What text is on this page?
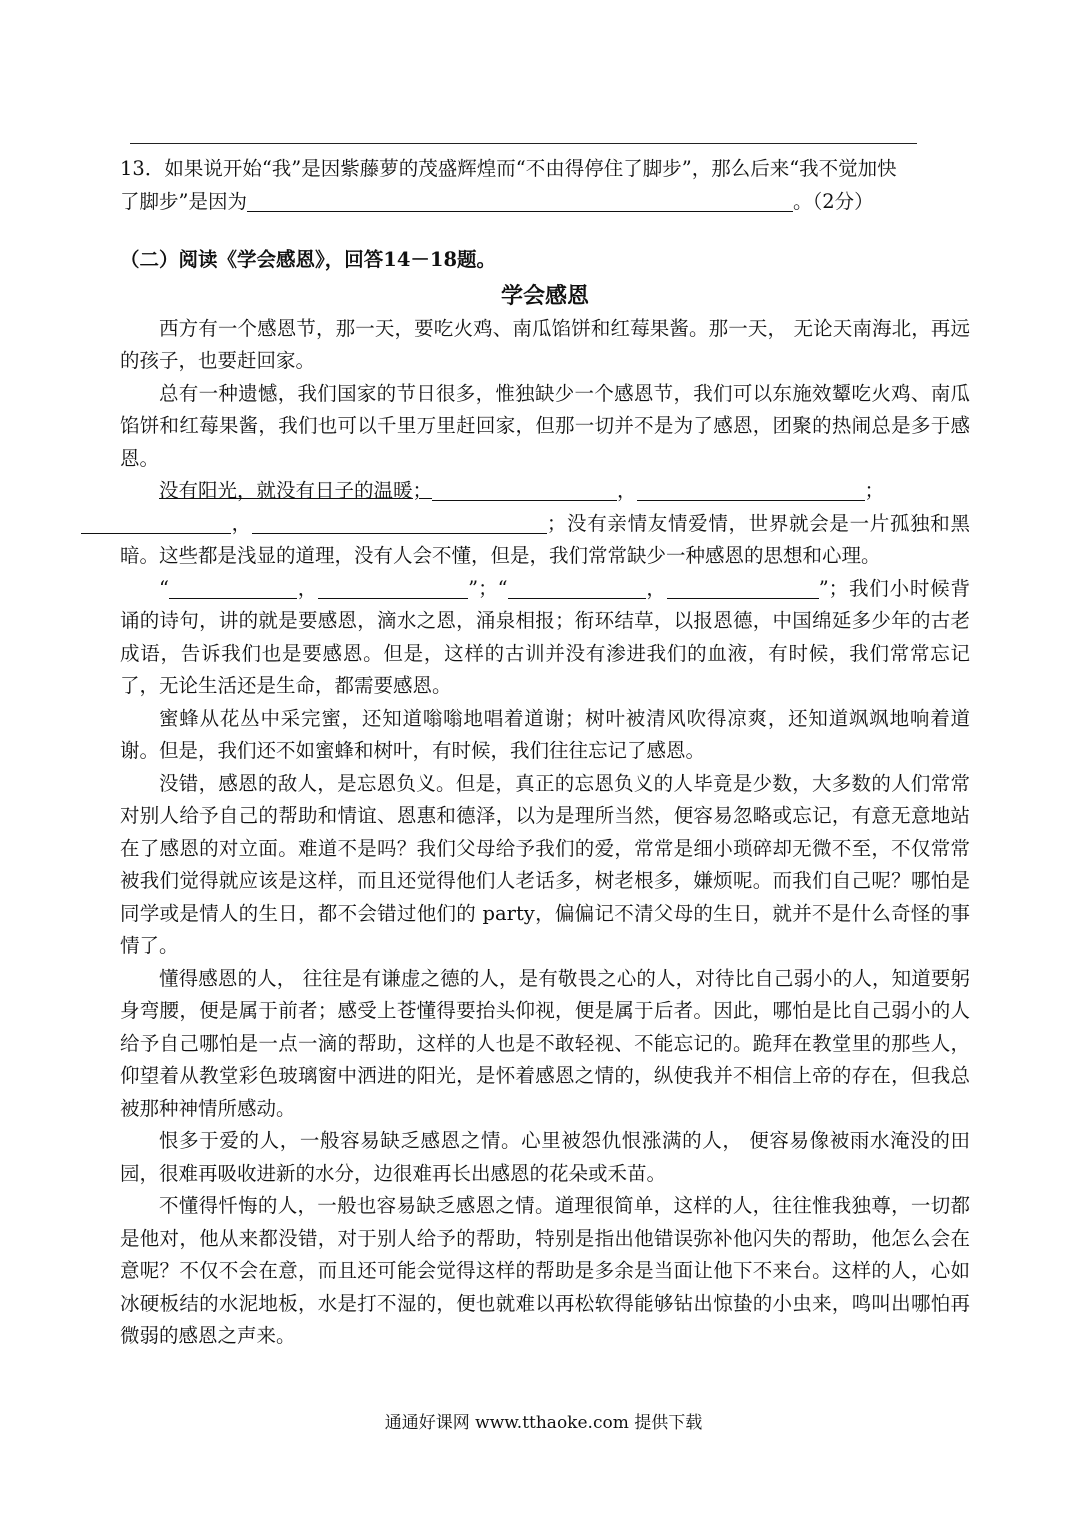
13．如果说开始“我”是因紫藤萝的茂盛辉煌而“不由得停住了脚步”，那么后来“我不觉加快
了脚步”是因为	。（2分）
（二）阅读《学会感恩》，回答14－18题。
学会感恩

西方有一个感恩节，那一天，要吃火鸡、南瓜馅饼和红莓果酱。那一天， 无论天南海北，再远的孩子，也要赶回家。

总有一种遗憾，我们国家的节日很多，惟独缺少一个感恩节，我们可以东施效颦吃火鸡、南瓜馅饼和红莓果酱，我们也可以千里万里赶回家，但那一切并不是为了感恩，团聚的热闹总是多于感恩。

没有阳光，就没有日子的温暖；	，	；
，	；没有亲情友情爱情，世界就会是一片孤独和黑暗。这些都是浅显的道理，没有人会不懂，但是，我们常常缺少一种感恩的思想和心理。

“	，	”；“	，	”；我们小时候背诵的诗句，讲的就是要感恩，滴水之恩，涌泉相报；衔环结草，以报恩德，中国绵延多少年的古老成语，告诉我们也是要感恩。但是，这样的古训并没有渗进我们的血液，有时候，我们常常忘记了，无论生活还是生命，都需要感恩。

蜜蜂从花丛中采完蜜，还知道嗡嗡地唱着道谢；树叶被清风吹得凉爽，还知道飒飒地响着道谢。但是，我们还不如蜜蜂和树叶，有时候，我们往往忘记了感恩。

没错，感恩的敌人，是忘恩负义。但是，真正的忘恩负义的人毕竟是少数，大多数的人们常常对别人给予自己的帮助和情谊、恩惠和德泽，以为是理所当然，便容易忽略或忘记，有意无意地站在了感恩的对立面。难道不是吗？我们父母给予我们的爱，常常是细小琐碎却无微不至，不仅常常被我们觉得就应该是这样，而且还觉得他们人老话多，树老根多，嫌烦呢。而我们自己呢？哪怕是同学或是情人的生日，都不会错过他们的 party，偏偏记不清父母的生日，就并不是什么奇怪的事情了。

懂得感恩的人， 往往是有谦虚之德的人，是有敬畏之心的人，对待比自己弱小的人，知道要躬身弯腰，便是属于前者；感受上苍懂得要抬头仰视，便是属于后者。因此，哪怕是比自己弱小的人给予自己哪怕是一点一滴的帮助，这样的人也是不敢轻视、不能忘记的。跪拜在教堂里的那些人，仰望着从教堂彩色玻璃窗中洒进的阳光，是怀着感恩之情的，纵使我并不相信上帝的存在，但我总被那种神情所感动。

恨多于爱的人，一般容易缺乏感恩之情。心里被怨仇恨涨满的人， 便容易像被雨水淹没的田园，很难再吸收进新的水分，边很难再长出感恩的花朵或禾苗。

不懂得忏悔的人，一般也容易缺乏感恩之情。道理很简单，这样的人，往往惟我独尊，一切都是他对，他从来都没错，对于别人给予的帮助，特别是指出他错误弥补他闪失的帮助，他怎么会在意呢？不仅不会在意，而且还可能会觉得这样的帮助是多余是当面让他下不来台。这样的人，心如冰硬板结的水泥地板，水是打不湿的，便也就难以再松软得能够钻出惊蛰的小虫来，鸣叫出哪怕再微弱的感恩之声来。

通通好课网 www.tthaoke.com 提供下载
